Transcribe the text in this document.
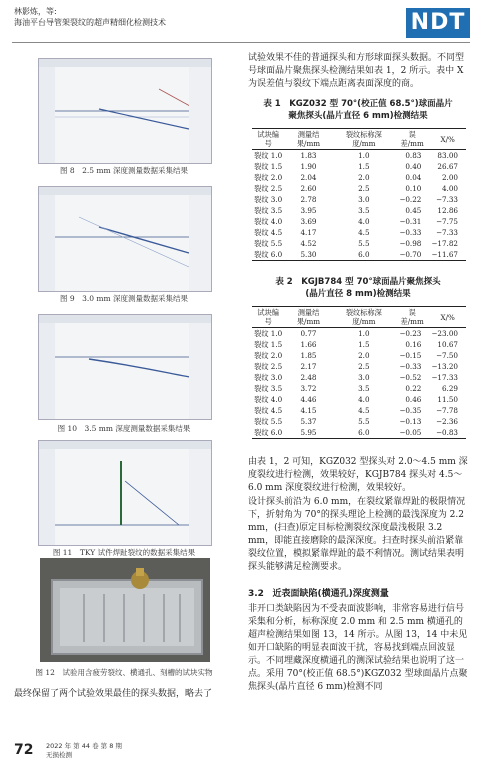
林影炼，等:
海油平台导管架裂纹的超声精细化检测技术	NDT
图 8　2.5 mm 深度测量数据采集结果
图 9　3.0 mm 深度测量数据采集结果
图 10　3.5 mm 深度测量数据采集结果
图 11　TKY 试件焊趾裂纹的数据采集结果
图 12　试验用含疲劳裂纹、横通孔、刻槽的试块实物
最终保留了两个试验效果最佳的探头数据，略去了
72 2022 年 第 44 卷 第 8 期
无损检测

试验效果不佳的普通探头和方形球面探头数据。不同型号球面晶片聚焦探头检测结果如表 1，2 所示。表中 X 为误差值与裂纹下端点距离表面深度的商。

表 1　KGZ032 型 70°(校正值 68.5°)球面晶片
聚焦探头(晶片直径 6 mm)检测结果
试块编号	测量结果/mm	裂纹标称深度/mm	误差/mm	X/%
裂纹 1.0	1.83	1.0	0.83	83.00
裂纹 1.5	1.90	1.5	0.40	26.67
裂纹 2.0	2.04	2.0	0.04	2.00
裂纹 2.5	2.60	2.5	0.10	4.00
裂纹 3.0	2.78	3.0	−0.22	−7.33
裂纹 3.5	3.95	3.5	0.45	12.86
裂纹 4.0	3.69	4.0	−0.31	−7.75
裂纹 4.5	4.17	4.5	−0.33	−7.33
裂纹 5.5	4.52	5.5	−0.98	−17.82
裂纹 6.0	5.30	6.0	−0.70	−11.67
表 2　KGJB784 型 70°球面晶片聚焦探头
(晶片直径 8 mm)检测结果
试块编号	测量结果/mm	裂纹标称深度/mm	误差/mm	X/%
裂纹 1.0	0.77	1.0	−0.23	−23.00
裂纹 1.5	1.66	1.5	0.16	10.67
裂纹 2.0	1.85	2.0	−0.15	−7.50
裂纹 2.5	2.17	2.5	−0.33	−13.20
裂纹 3.0	2.48	3.0	−0.52	−17.33
裂纹 3.5	3.72	3.5	0.22	6.29
裂纹 4.0	4.46	4.0	0.46	11.50
裂纹 4.5	4.15	4.5	−0.35	−7.78
裂纹 5.5	5.37	5.5	−0.13	−2.36
裂纹 6.0	5.95	6.0	−0.05	−0.83

由表 1，2 可知，KGZ032 型探头对 2.0～4.5 mm 深度裂纹进行检测，效果较好，KGJB784 探头对 4.5～6.0 mm 深度裂纹进行检测，效果较好。

设计探头前沿为 6.0 mm，在裂纹紧靠焊趾的极限情况下，折射角为 70°的探头理论上检测的最浅深度为 2.2 mm，(扫查)原定目标检测裂纹深度最浅极限 3.2 mm，即能直接磨除的最深深度。扫查时探头前沿紧靠裂纹位置，模拟紧靠焊趾的最不利情况。测试结果表明探头能够满足检测要求。

3.2 近表面缺陷(横通孔)深度测量

非开口类缺陷因为不受表面波影响，非常容易进行信号采集和分析，标称深度 2.0 mm 和 2.5 mm 横通孔的超声检测结果如图 13，14 所示。从图 13，14 中未见如开口缺陷的明显表面波干扰，容易找到端点回波显示。不同埋藏深度横通孔的测深试验结果也说明了这一点。采用 70°(校正值 68.5°)KGZ032 型球面晶片点聚焦探头(晶片直径 6 mm)检测不同
